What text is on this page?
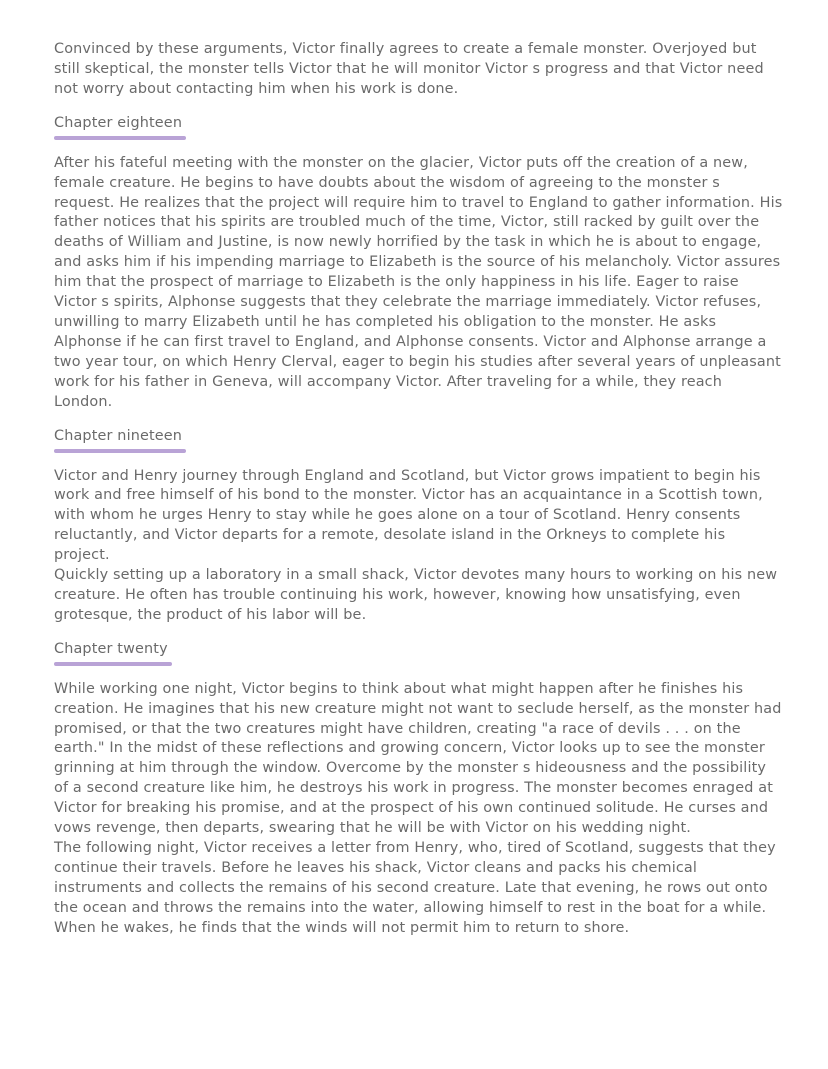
Convinced by these arguments, Victor finally agrees to create a female monster. Overjoyed but still skeptical, the monster tells Victor that he will monitor Victor s progress and that Victor need not worry about contacting him when his work is done.

Chapter eighteen

After his fateful meeting with the monster on the glacier, Victor puts off the creation of a new, female creature. He begins to have doubts about the wisdom of agreeing to the monster s request. He realizes that the project will require him to travel to England to gather information. His father notices that his spirits are troubled much of the time, Victor, still racked by guilt over the deaths of William and Justine, is now newly horrified by the task in which he is about to engage, and asks him if his impending marriage to Elizabeth is the source of his melancholy. Victor assures him that the prospect of marriage to Elizabeth is the only happiness in his life. Eager to raise Victor s spirits, Alphonse suggests that they celebrate the marriage immediately. Victor refuses, unwilling to marry Elizabeth until he has completed his obligation to the monster. He asks Alphonse if he can first travel to England, and Alphonse consents. Victor and Alphonse arrange a two year tour, on which Henry Clerval, eager to begin his studies after several years of unpleasant work for his father in Geneva, will accompany Victor. After traveling for a while, they reach London.

Chapter nineteen

Victor and Henry journey through England and Scotland, but Victor grows impatient to begin his work and free himself of his bond to the monster. Victor has an acquaintance in a Scottish town, with whom he urges Henry to stay while he goes alone on a tour of Scotland. Henry consents reluctantly, and Victor departs for a remote, desolate island in the Orkneys to complete his project.

Quickly setting up a laboratory in a small shack, Victor devotes many hours to working on his new creature. He often has trouble continuing his work, however, knowing how unsatisfying, even grotesque, the product of his labor will be.

Chapter twenty

While working one night, Victor begins to think about what might happen after he finishes his creation. He imagines that his new creature might not want to seclude herself, as the monster had promised, or that the two creatures might have children, creating "a race of devils . . . on the earth." In the midst of these reflections and growing concern, Victor looks up to see the monster grinning at him through the window. Overcome by the monster s hideousness and the possibility of a second creature like him, he destroys his work in progress. The monster becomes enraged at Victor for breaking his promise, and at the prospect of his own continued solitude. He curses and vows revenge, then departs, swearing that he will be with Victor on his wedding night.

The following night, Victor receives a letter from Henry, who, tired of Scotland, suggests that they continue their travels. Before he leaves his shack, Victor cleans and packs his chemical instruments and collects the remains of his second creature. Late that evening, he rows out onto the ocean and throws the remains into the water, allowing himself to rest in the boat for a while. When he wakes, he finds that the winds will not permit him to return to shore.
